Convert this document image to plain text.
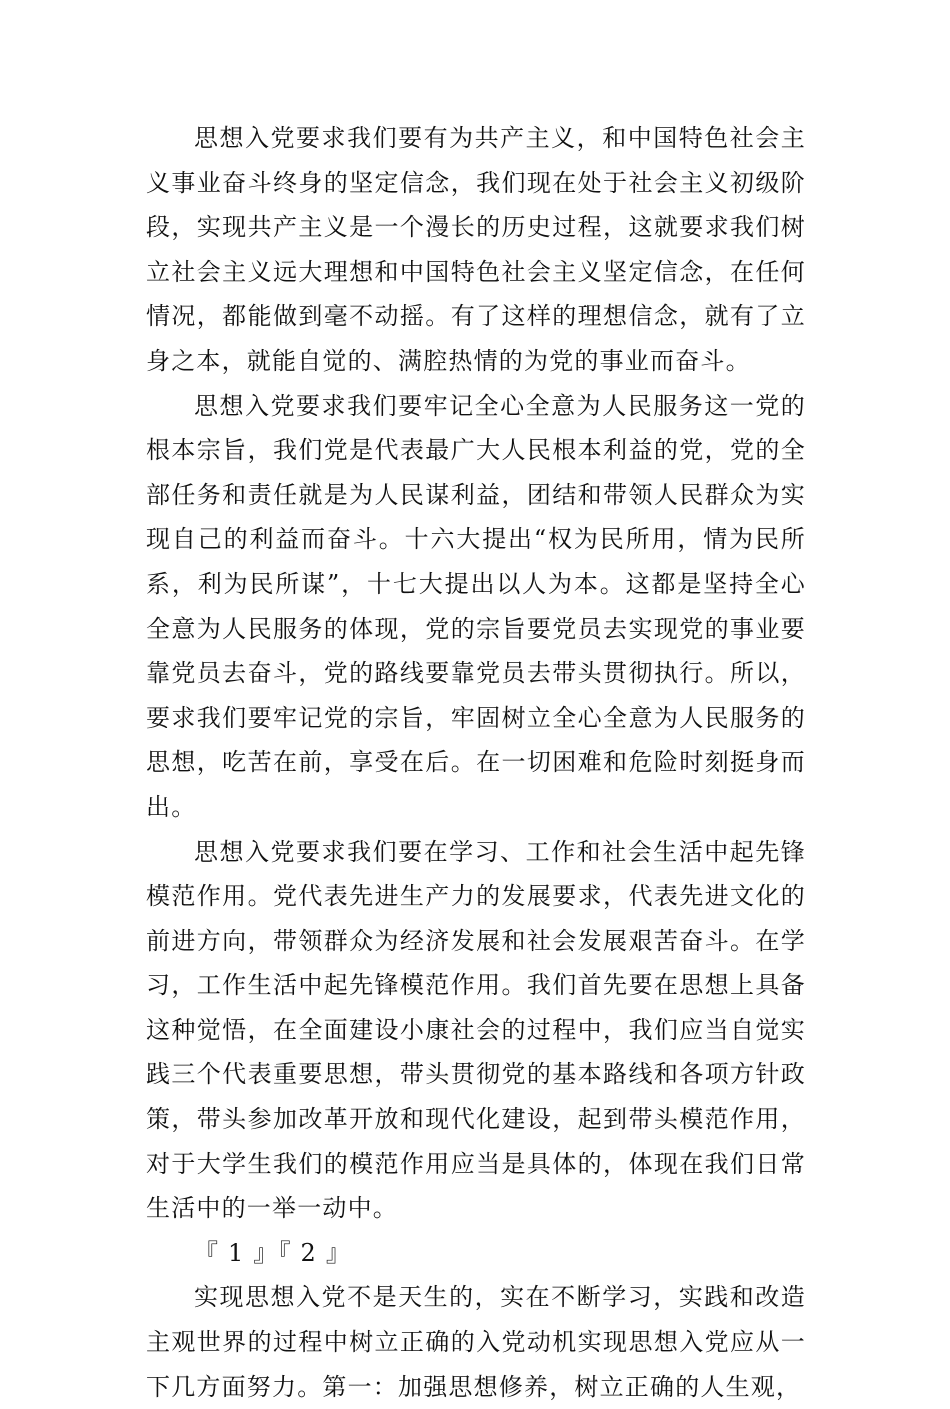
思想入党要求我们要有为共产主义，和中国特色社会主义事业奋斗终身的坚定信念，我们现在处于社会主义初级阶段，实现共产主义是一个漫长的历史过程，这就要求我们树立社会主义远大理想和中国特色社会主义坚定信念，在任何情况，都能做到毫不动摇。有了这样的理想信念，就有了立身之本，就能自觉的、满腔热情的为党的事业而奋斗。

思想入党要求我们要牢记全心全意为人民服务这一党的根本宗旨，我们党是代表最广大人民根本利益的党，党的全部任务和责任就是为人民谋利益，团结和带领人民群众为实现自己的利益而奋斗。十六大提出“权为民所用，情为民所系，利为民所谋”，十七大提出以人为本。这都是坚持全心全意为人民服务的体现，党的宗旨要党员去实现党的事业要靠党员去奋斗，党的路线要靠党员去带头贯彻执行。所以，要求我们要牢记党的宗旨，牢固树立全心全意为人民服务的思想，吃苦在前，享受在后。在一切困难和危险时刻挺身而出。

思想入党要求我们要在学习、工作和社会生活中起先锋模范作用。党代表先进生产力的发展要求，代表先进文化的前进方向，带领群众为经济发展和社会发展艰苦奋斗。在学习，工作生活中起先锋模范作用。我们首先要在思想上具备这种觉悟，在全面建设小康社会的过程中，我们应当自觉实践三个代表重要思想，带头贯彻党的基本路线和各项方针政策，带头参加改革开放和现代化建设，起到带头模范作用，对于大学生我们的模范作用应当是具体的，体现在我们日常生活中的一举一动中。

『 1 』『 2 』

实现思想入党不是天生的，实在不断学习，实践和改造主观世界的过程中树立正确的入党动机实现思想入党应从一下几方面努力。第一：加强思想修养，树立正确的人生观，
